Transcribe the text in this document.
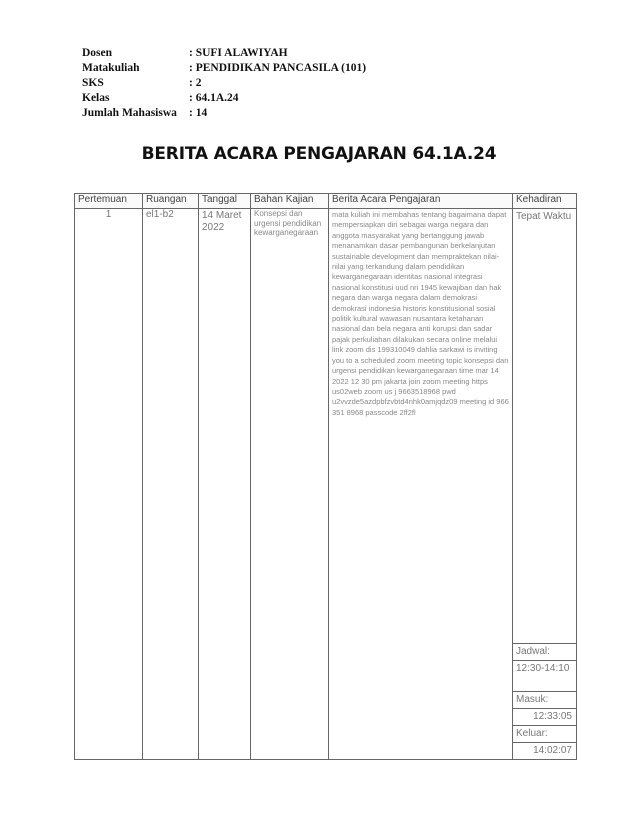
Dosen	: SUFI ALAWIYAH
Matakuliah	: PENDIDIKAN PANCASILA (101)
SKS	: 2
Kelas	: 64.1A.24
Jumlah Mahasiswa	: 14
BERITA ACARA PENGAJARAN 64.1A.24
Pertemuan	Ruangan	Tanggal	Bahan Kajian	Berita Acara Pengajaran	Kehadiran
1	el1-b2	14 Maret 2022	Konsepsi dan urgensi pendidikan kewarganegaraan	mata kuliah ini membahas tentang bagaimana dapat mempersiapkan diri sebagai warga negara dan anggota masyarakat yang bertanggung jawab menanamkan dasar pembangunan berkelanjutan sustainable development dan mempraktekan nilai-nilai yang terkandung dalam pendidikan kewarganegaraan identitas nasional integrasi nasional konstitusi uud nri 1945 kewajiban dan hak negara dan warga negara dalam demokrasi demokrasi indonesia historis konstitusional sosial politik kultural wawasan nusantara ketahanan nasional dan bela negara anti korupsi dan sadar pajak perkuliahan dilakukan secara online melalui link zoom dis 199310049 dahlia sarkawi is inviting you to a scheduled zoom meeting topic konsepsi dan urgensi pendidikan kewarganegaraan time mar 14 2022 12 30 pm jakarta join zoom meeting https us02web zoom us j 9663518968 pwd u2vvzde5azdpbfzvbtd4nhk0amjqdz09 meeting id 966 351 8968 passcode 2ff2fl	Tepat Waktu
					Jadwal:
					12:30-14:10
					Masuk:
					12:33:05
					Keluar:
					14:02:07
